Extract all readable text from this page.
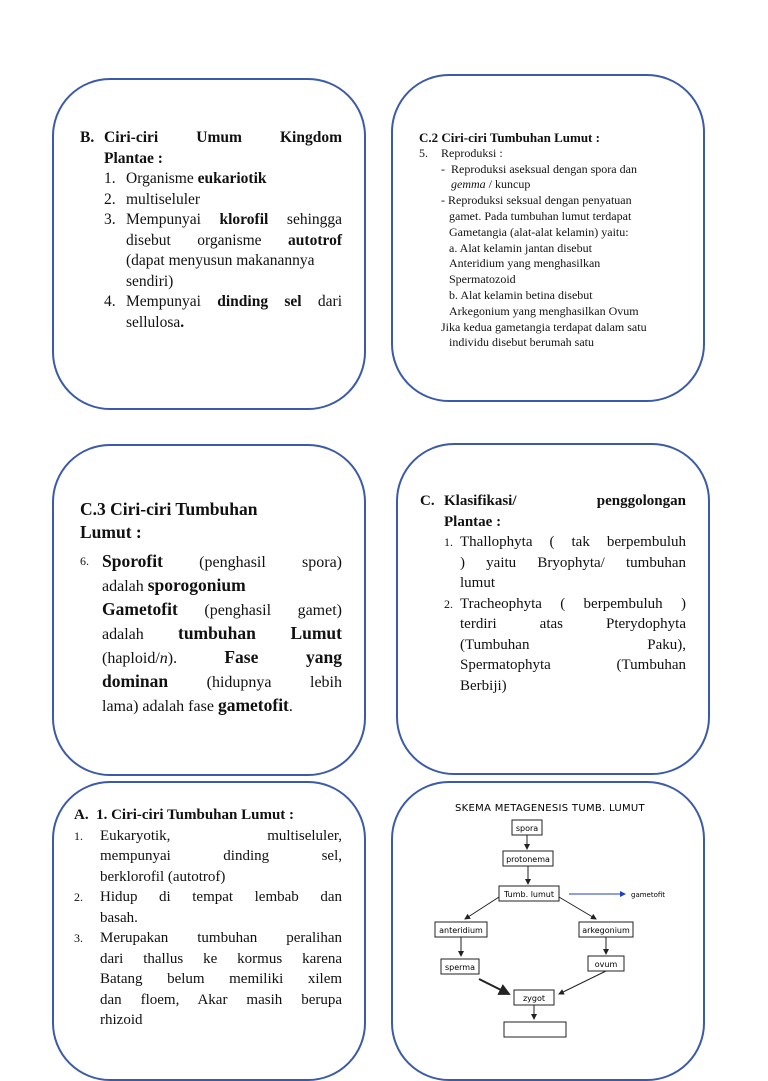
B. Ciri-ciri Umum Kingdom
Plantae :
1. Organisme eukariotik
2. multiseluler
3. Mempunyai klorofil sehingga
disebut organisme autotrof
(dapat menyusun makanannya sendiri)
4. Mempunyai dinding sel dari
sellulosa.
C.2 Ciri-ciri Tumbuhan Lumut :
5.	Reproduksi :
- Reproduksi aseksual dengan spora dan
gemma / kuncup
- Reproduksi seksual dengan penyatuan
gamet. Pada tumbuhan lumut terdapat
Gametangia (alat-alat kelamin) yaitu:
a. Alat kelamin jantan disebut
Anteridium yang menghasilkan
Spermatozoid
b. Alat kelamin betina disebut
Arkegonium yang menghasilkan Ovum
Jika kedua gametangia terdapat dalam satu
individu disebut berumah satu
C.3 Ciri-ciri Tumbuhan
Lumut :
6. Sporofit (penghasil spora)
adalah sporogonium
Gametofit (penghasil gamet)
adalah tumbuhan Lumut
(haploid/n).	Fase yang
dominan (hidupnya lebih
lama) adalah fase gametofit.
C. Klasifikasi/	penggolongan
Plantae :
1. Thallophyta ( tak berpembuluh
) yaitu Bryophyta/ tumbuhan
lumut
2. Tracheophyta ( berpembuluh )
terdiri	atas	Pterydophyta
(Tumbuhan	Paku),
Spermatophyta	(Tumbuhan
Berbiji)
A.  1. Ciri-ciri Tumbuhan Lumut :
1.	Eukaryotik,	multiseluler,
mempunyai	dinding	sel,
berklorofil (autotrof)
2.	Hidup di tempat lembab dan
basah.
3.	Merupakan tumbuhan peralihan
dari thallus ke kormus karena
Batang belum memiliki xilem
dan floem, Akar masih berupa
rhizoid
SKEMA METAGENESIS TUMB. LUMUT
spora
protonema
Tumb. lumut	gametofit
anteridium	arkegonium
sperma	ovum
zygot
